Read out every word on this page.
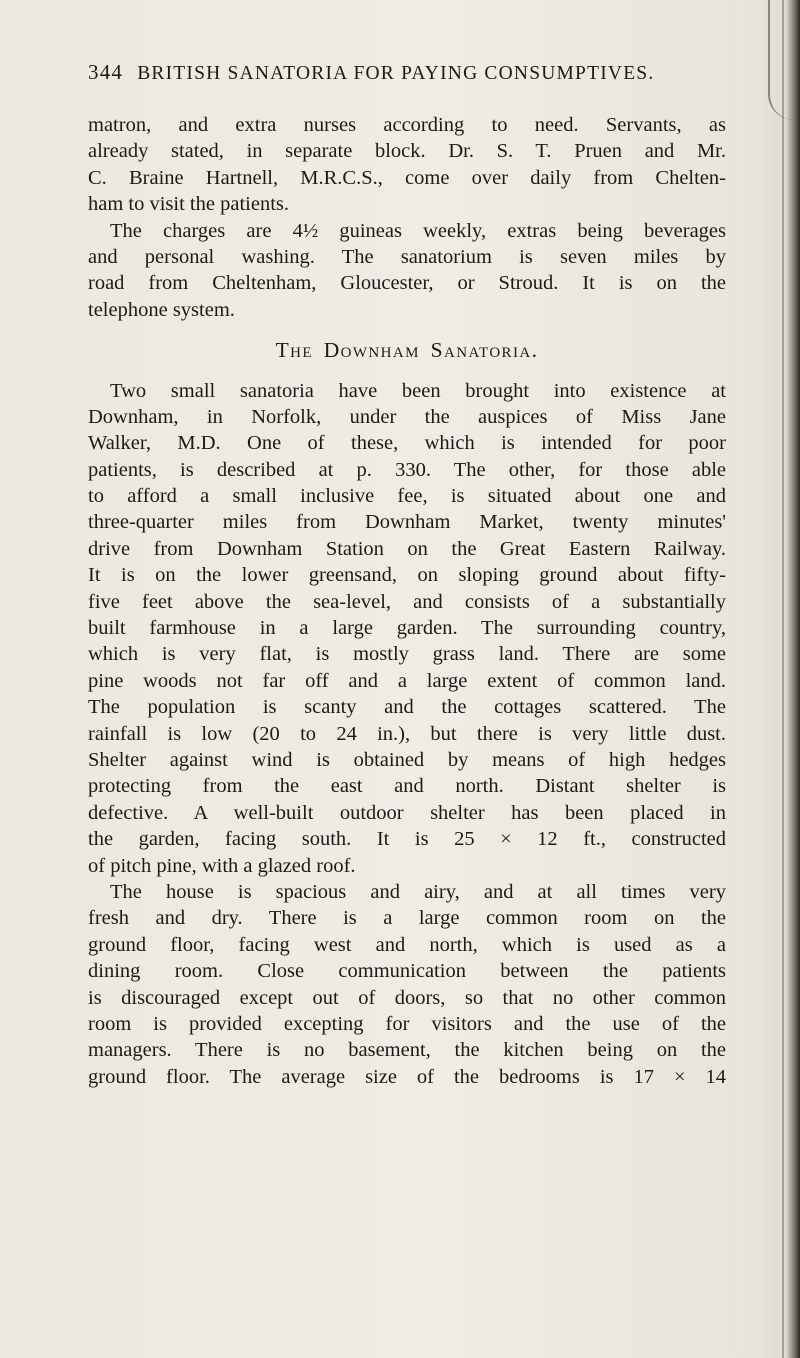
344 BRITISH SANATORIA FOR PAYING CONSUMPTIVES.
matron, and extra nurses according to need. Servants, as
already stated, in separate block. Dr. S. T. Pruen and Mr.
C. Braine Hartnell, M.R.C.S., come over daily from Chelten-
ham to visit the patients.
The charges are 4½ guineas weekly, extras being beverages
and personal washing. The sanatorium is seven miles by
road from Cheltenham, Gloucester, or Stroud. It is on the
telephone system.
The Downham Sanatoria.
Two small sanatoria have been brought into existence at
Downham, in Norfolk, under the auspices of Miss Jane
Walker, M.D. One of these, which is intended for poor
patients, is described at p. 330. The other, for those able
to afford a small inclusive fee, is situated about one and
three-quarter miles from Downham Market, twenty minutes'
drive from Downham Station on the Great Eastern Railway.
It is on the lower greensand, on sloping ground about fifty-
five feet above the sea-level, and consists of a substantially
built farmhouse in a large garden. The surrounding country,
which is very flat, is mostly grass land. There are some
pine woods not far off and a large extent of common land.
The population is scanty and the cottages scattered. The
rainfall is low (20 to 24 in.), but there is very little dust.
Shelter against wind is obtained by means of high hedges
protecting from the east and north. Distant shelter is
defective. A well-built outdoor shelter has been placed in
the garden, facing south. It is 25 × 12 ft., constructed
of pitch pine, with a glazed roof.
The house is spacious and airy, and at all times very
fresh and dry. There is a large common room on the
ground floor, facing west and north, which is used as a
dining room. Close communication between the patients
is discouraged except out of doors, so that no other common
room is provided excepting for visitors and the use of the
managers. There is no basement, the kitchen being on the
ground floor. The average size of the bedrooms is 17 × 14
